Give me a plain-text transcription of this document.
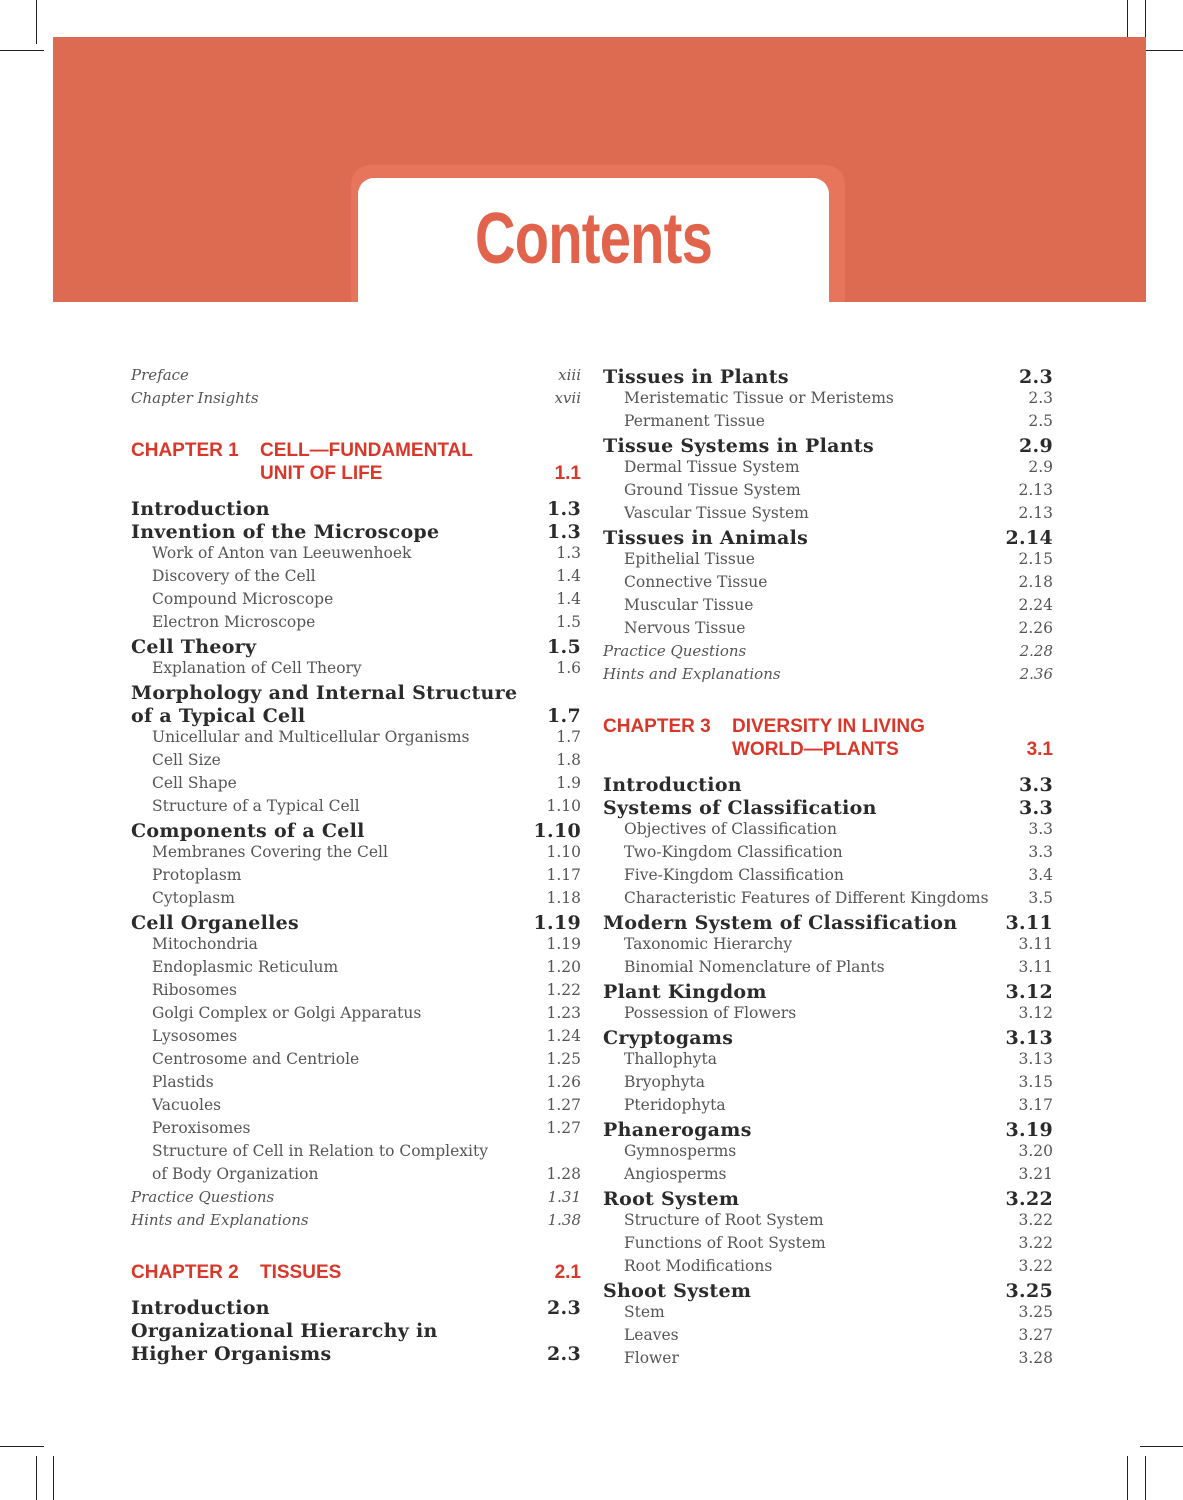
Contents
Preface	xiii
Chapter Insights	xvii
CHAPTER 1	CELL—FUNDAMENTAL
UNIT OF LIFE	1.1
Introduction	1.3
Invention of the Microscope	1.3
Work of Anton van Leeuwenhoek	1.3
Discovery of the Cell	1.4
Compound Microscope	1.4
Electron Microscope	1.5
Cell Theory	1.5
Explanation of Cell Theory	1.6
Morphology and Internal Structure
of a Typical Cell	1.7
Unicellular and Multicellular Organisms	1.7
Cell Size	1.8
Cell Shape	1.9
Structure of a Typical Cell	1.10
Components of a Cell	1.10
Membranes Covering the Cell	1.10
Protoplasm	1.17
Cytoplasm	1.18
Cell Organelles	1.19
Mitochondria	1.19
Endoplasmic Reticulum	1.20
Ribosomes	1.22
Golgi Complex or Golgi Apparatus	1.23
Lysosomes	1.24
Centrosome and Centriole	1.25
Plastids	1.26
Vacuoles	1.27
Peroxisomes	1.27
Structure of Cell in Relation to Complexity
of Body Organization	1.28
Practice Questions	1.31
Hints and Explanations	1.38
CHAPTER 2	TISSUES	2.1
Introduction	2.3
Organizational Hierarchy in
Higher Organisms	2.3
Tissues in Plants	2.3
Meristematic Tissue or Meristems	2.3
Permanent Tissue	2.5
Tissue Systems in Plants	2.9
Dermal Tissue System	2.9
Ground Tissue System	2.13
Vascular Tissue System	2.13
Tissues in Animals	2.14
Epithelial Tissue	2.15
Connective Tissue	2.18
Muscular Tissue	2.24
Nervous Tissue	2.26
Practice Questions	2.28
Hints and Explanations	2.36
CHAPTER 3	DIVERSITY IN LIVING
WORLD—PLANTS	3.1
Introduction	3.3
Systems of Classification	3.3
Objectives of Classification	3.3
Two-Kingdom Classification	3.3
Five-Kingdom Classification	3.4
Characteristic Features of Different Kingdoms	3.5
Modern System of Classification	3.11
Taxonomic Hierarchy	3.11
Binomial Nomenclature of Plants	3.11
Plant Kingdom	3.12
Possession of Flowers	3.12
Cryptogams	3.13
Thallophyta	3.13
Bryophyta	3.15
Pteridophyta	3.17
Phanerogams	3.19
Gymnosperms	3.20
Angiosperms	3.21
Root System	3.22
Structure of Root System	3.22
Functions of Root System	3.22
Root Modifications	3.22
Shoot System	3.25
Stem	3.25
Leaves	3.27
Flower	3.28
